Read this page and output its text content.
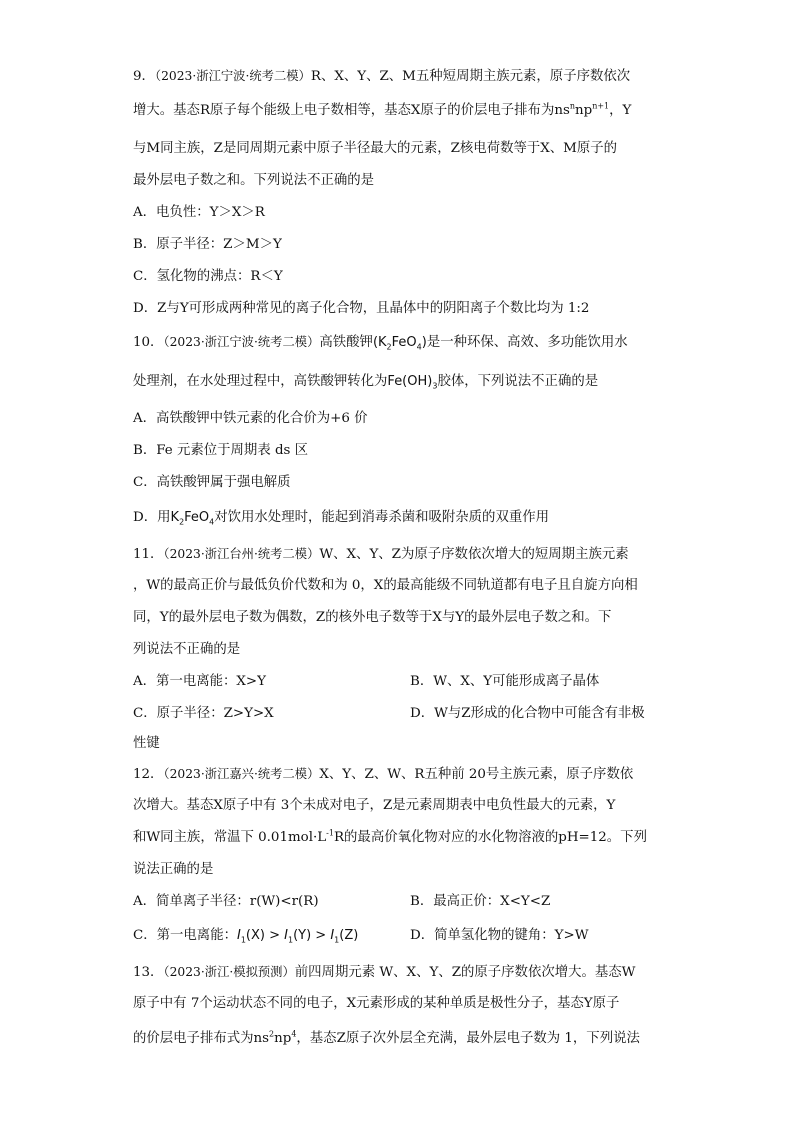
9．（2023·浙江宁波·统考二模）R、X、Y、Z、M五种短周期主族元素，原子序数依次
增大。基态R原子每个能级上电子数相等，基态X原子的价层电子排布为$ns^nnp^{n+1}$，Y
与M同主族，Z是同周期元素中原子半径最大的元素，Z核电荷数等于X、M原子的
最外层电子数之和。下列说法不正确的是
A．电负性：Y＞X＞R
B．原子半径：Z＞M＞Y
C．氢化物的沸点：R＜Y
D．Z与Y可形成两种常见的离子化合物，且晶体中的阴阳离子个数比均为 1:2
10．（2023·浙江宁波·统考二模）高铁酸钾$(K_2FeO_4)$是一种环保、高效、多功能饮用水
处理剂，在水处理过程中，高铁酸钾转化为$Fe(OH)_3$胶体，下列说法不正确的是
A．高铁酸钾中铁元素的化合价为+6 价
B．Fe 元素位于周期表 ds 区
C．高铁酸钾属于强电解质
D．用$K_2FeO_4$对饮用水处理时，能起到消毒杀菌和吸附杂质的双重作用
11．（2023·浙江台州·统考二模）W、X、Y、Z为原子序数依次增大的短周期主族元素
，W的最高正价与最低负价代数和为 0，X的最高能级不同轨道都有电子且自旋方向相
同，Y的最外层电子数为偶数，Z的核外电子数等于X与Y的最外层电子数之和。下
列说法不正确的是
A．第一电离能：X>Y	B．W、X、Y可能形成离子晶体
C．原子半径：Z>Y>X	D．W与Z形成的化合物中可能含有非极
性键
12．（2023·浙江嘉兴·统考二模）X、Y、Z、W、R五种前 20号主族元素，原子序数依
次增大。基态X原子中有 3个未成对电子，Z是元素周期表中电负性最大的元素，Y
和W同主族，常温下 $0.01mol\cdot L^{-1}R$的最高价氧化物对应的水化物溶液的pH=12。下列
说法正确的是
A．简单离子半径：r(W)<r(R)	B．最高正价：X<Y<Z
C．第一电离能：$I_1(X) > I_1(Y) > I_1(Z)$	D．简单氢化物的键角：Y>W
13．（2023·浙江·模拟预测）前四周期元素 W、X、Y、Z的原子序数依次增大。基态W
原子中有 7个运动状态不同的电子，X元素形成的某种单质是极性分子，基态Y原子
的价层电子排布式为$ns^2np^4$，基态Z原子次外层全充满，最外层电子数为 1，下列说法
